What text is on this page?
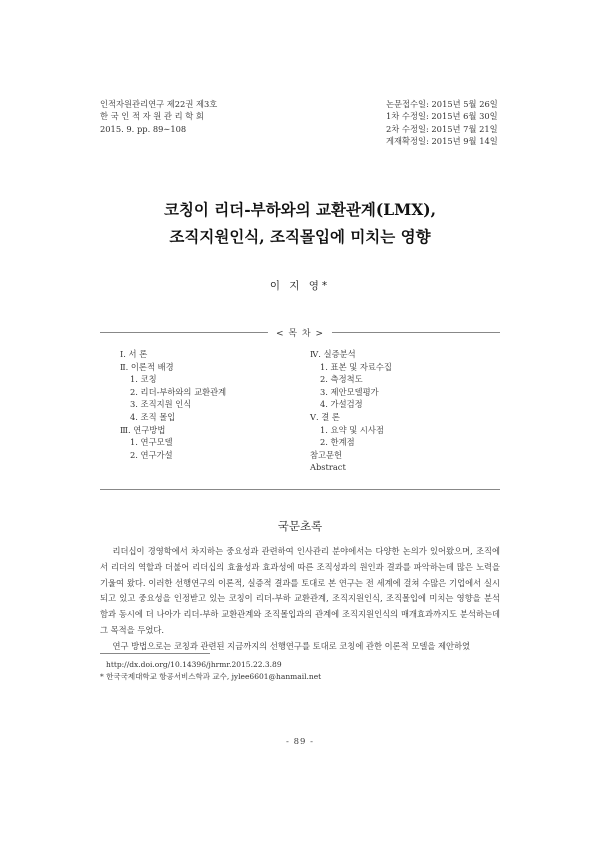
인적자원관리연구 제22권 제3호
한 국 인 적 자 원 관 리 학 회
2015. 9. pp. 89∼108
논문접수일: 2015년 5월 26일
1차 수정일: 2015년 6월 30일
2차 수정일: 2015년 7월 21일
게재확정일: 2015년 9월 14일
코칭이 리더-부하와의 교환관계(LMX),
조직지원인식, 조직몰입에 미치는 영향
이 지 영*
< 목 차 >
Ⅰ. 서 론
Ⅱ. 이론적 배경
1. 코칭
2. 리더-부하와의 교환관계
3. 조직지원 인식
4. 조직 몰입
Ⅲ. 연구방법
1. 연구모델
2. 연구가설
Ⅳ. 실증분석
1. 표본 및 자료수집
2. 측정척도
3. 제안모델평가
4. 가설검정
Ⅴ. 결 론
1. 요약 및 시사점
2. 한계점
참고문헌
Abstract
국문초록

리더십이 경영학에서 차지하는 중요성과 관련하여 인사관리 분야에서는 다양한 논의가 있어왔으며, 조직에서 리더의 역할과 더불어 리더십의 효율성과 효과성에 따른 조직성과의 원인과 결과를 파악하는데 많은 노력을 기울여 왔다. 이러한 선행연구의 이론적, 실증적 결과를 토대로 본 연구는 전 세계에 걸쳐 수많은 기업에서 실시되고 있고 중요성을 인정받고 있는 코칭이 리더-부하 교환관계, 조직지원인식, 조직몰입에 미치는 영향을 분석함과 동시에 더 나아가 리더-부하 교환관계와 조직몰입과의 관계에 조직지원인식의 매개효과까지도 분석하는데 그 목적을 두었다.

연구 방법으로는 코칭과 관련된 지금까지의 선행연구를 토대로 코칭에 관한 이론적 모델을 제안하였

http://dx.doi.org/10.14396/jhrmr.2015.22.3.89
* 한국국제대학교 항공서비스학과 교수, jylee6601@hanmail.net
- 89 -
